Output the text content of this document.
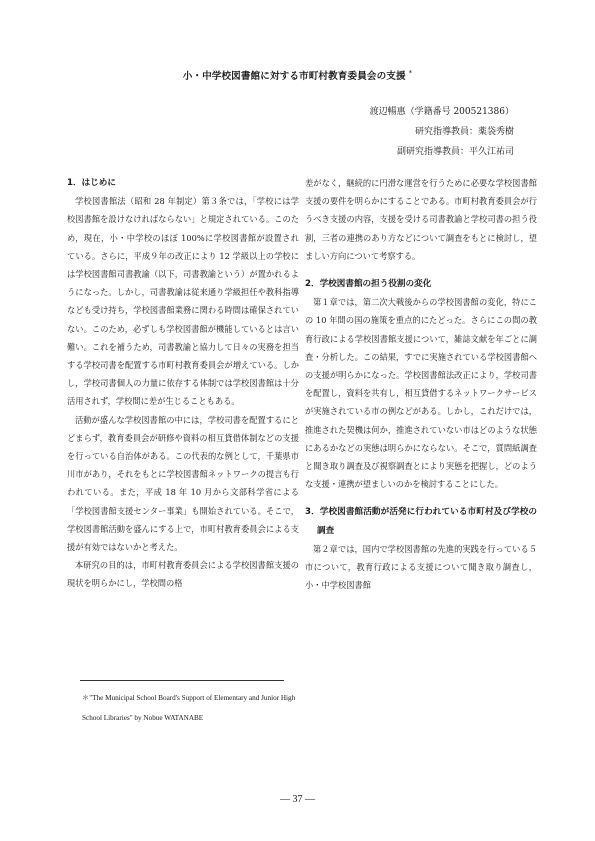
小・中学校図書館に対する市町村教育委員会の支援 *
渡辺暢惠（学籍番号 200521386）
研究指導教員：薬袋秀樹
副研究指導教員：平久江祐司
1．はじめに

学校図書館法（昭和 28 年制定）第３条では，「学校には学校図書館を設けなければならない」と規定されている。このため，現在，小・中学校のほぼ 100%に学校図書館が設置されている。さらに，平成９年の改正により 12 学級以上の学校には学校図書館司書教諭（以下，司書教諭という）が置かれるようになった。しかし，司書教諭は従来通り学級担任や教科指導なども受け持ち，学校図書館業務に関わる時間は確保されていない。このため，必ずしも学校図書館が機能しているとは言い難い。これを補うため，司書教諭と協力して日々の実務を担当する学校司書を配置する市町村教育委員会が増えている。しかし，学校司書個人の力量に依存する体制では学校図書館は十分活用されず，学校間に差が生じることもある。

活動が盛んな学校図書館の中には，学校司書を配置するにとどまらず，教育委員会が研修や資料の相互貸借体制などの支援を行っている自治体がある。この代表的な例として，千葉県市川市があり，それをもとに学校図書館ネットワークの提言も行われている。また，平成 18 年 10 月から文部科学省による「学校図書館支援センター事業」も開始されている。そこで，学校図書館活動を盛んにする上で，市町村教育委員会による支援が有効ではないかと考えた。

本研究の目的は，市町村教育委員会による学校図書館支援の現状を明らかにし，学校間の格

差がなく，継続的に円滑な運営を行うために必要な学校図書館支援の要件を明らかにすることである。市町村教育委員会が行うべき支援の内容，支援を受ける司書教諭と学校司書の担う役割，三者の連携のあり方などについて調査をもとに検討し，望ましい方向について考察する。

2．学校図書館の担う役割の変化

第１章では，第二次大戦後からの学校図書館の変化，特にこの 10 年間の国の施策を重点的にたどった。さらにこの間の教育行政による学校図書館支援について，雑誌文献を年ごとに調査・分析した。この結果，すでに実施されている学校図書館への支援が明らかになった。学校図書館法改正により，学校司書を配置し，資料を共有し，相互貸借するネットワークサービスが実施されている市の例などがある。しかし，これだけでは，推進された契機は何か，推進されていない市はどのような状態にあるかなどの実態は明らかにならない。そこで，質問紙調査と聞き取り調査及び視察調査とにより実態を把握し，どのような支援・連携が望ましいのかを検討することにした。

3．学校図書館活動が活発に行われている市町村及び学校の調査

第２章では，国内で学校図書館の先進的実践を行っている５市について，教育行政による支援について聞き取り調査し，小・中学校図書館

＊"The Municipal School Board's Support of Elementary and Junior High School Libraries" by Nobue WATANABE
— 37 —
